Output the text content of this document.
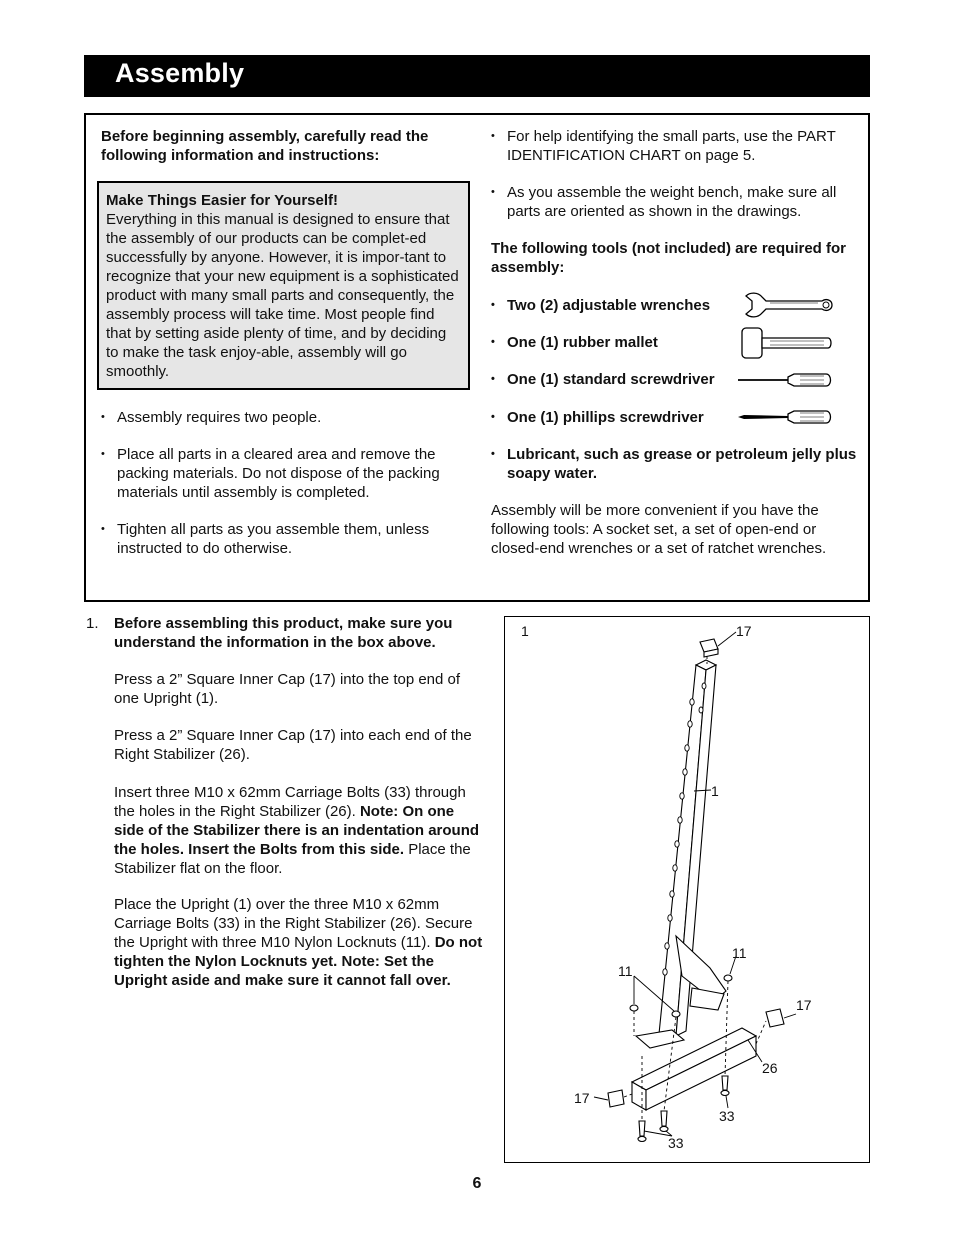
Assembly
Before beginning assembly, carefully read the following information and instructions:
Make Things Easier for Yourself!
Everything in this manual is designed to ensure that the assembly of our products can be complet-ed successfully by anyone. However, it is impor-tant to recognize that your new equipment is a sophisticated product with many small parts and consequently, the assembly process will take time. Most people find that by setting aside plenty of time, and by deciding to make the task enjoy-able, assembly will go smoothly.
• Assembly requires two people.
• Place all parts in a cleared area and remove the packing materials. Do not dispose of the packing materials until assembly is completed.
• Tighten all parts as you assemble them, unless instructed to do otherwise.
• For help identifying the small parts, use the PART IDENTIFICATION CHART on page 5.
• As you assemble the weight bench, make sure all parts are oriented as shown in the drawings.
The following tools (not included) are required for assembly:
• Two (2) adjustable wrenches
• One (1) rubber mallet
• One (1) standard screwdriver
• One (1) phillips screwdriver
• Lubricant, such as grease or petroleum jelly plus soapy water.
Assembly will be more convenient if you have the following tools: A socket set, a set of open-end or closed-end wrenches or a set of ratchet wrenches.
1. Before assembling this product, make sure you understand the information in the box above.
Press a 2” Square Inner Cap (17) into the top end of one Upright (1).
Press a 2” Square Inner Cap (17) into each end of the Right Stabilizer (26).
Insert three M10 x 62mm Carriage Bolts (33) through the holes in the Right Stabilizer (26). Note: On one side of the Stabilizer there is an indentation around the holes. Insert the Bolts from this side. Place the Stabilizer flat on the floor.
Place the Upright (1) over the three M10 x 62mm Carriage Bolts (33) in the Right Stabilizer (26). Secure the Upright with three M10 Nylon Locknuts (11). Do not tighten the Nylon Locknuts yet. Note: Set the Upright aside and make sure it cannot fall over.
1	17
1
11
11
17
26
17
33
33
6
